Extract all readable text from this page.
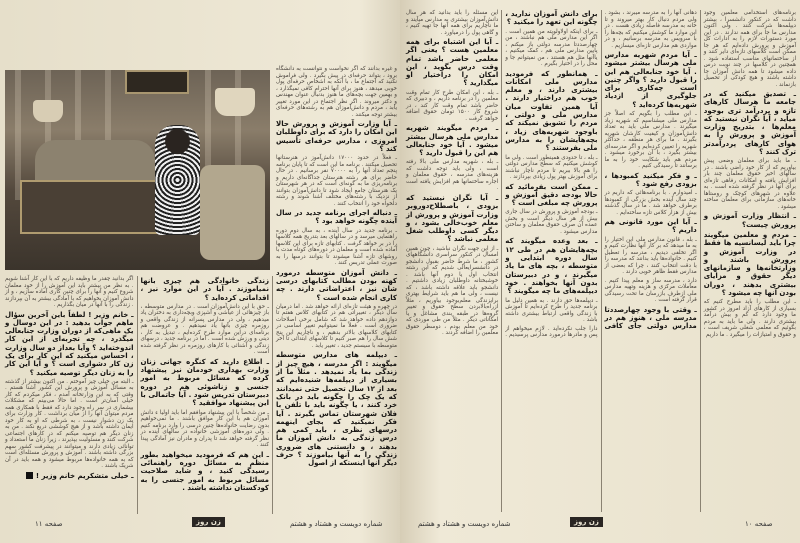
و غیره بدانند که اگر نخواست و نتوانست به دانشگاه برود ، بتواند حرفه‌ای در پیش بگیرد . ولی فراموش نکنید که اجتماع ما ، با آنکه به اشخاص حرفه‌ای پول خوبی میدهد ، هنوز برای آنها احترام کافی نمیگذارد ، و بهمین جهت بچه‌های ما هنوز بدنبال عنوان مهندس و دکتر میروند . اگر نظر اجتماع در این مورد تغییر یابد ، مردم و دانش‌آموزان هم به رشته‌های حرفه‌ای بیشتر توجه میکنند .

ـ آیا وزارت آموزش و پرورش حالا این امکان را دارد که برای داوطلبان امروزی ، مدارس حرفه‌ای تأسیس کند ؟

ـ فعلاً در حدود ۱۷۰۰۰ دانش‌آموز در هنرستانها تحصیل میکنند . برنامه ما این است که تا پایان برنامه پنجم تعداد آنها را به ۷۰۰۰۰ نفر برسانیم . در حال حاضر برای هر رشته هنرستان جداگانه‌ای داریم و برنامه‌ریزی ما به گونه‌ای است که در هر شهرستان یک هنرستان جامع ایجاد شود تا دانش‌آموزان بتوانند از نزدیک با رشته‌های مختلف آشنا شوند و رشته دلخواه خود را انتخاب کنند .

ـ دنباله اجرای برنامه جدید در سال آینده چگونه خواهد بود ؟

ـ برنامه جدید در سال آینده ، به سال دوم دوره راهنمایی میرسد و در سالهای بعد بتدریج همه کلاسها را در بر خواهد گرفت . کتابهای تازه برای این کلاسها آماده شده است و معلمان در دوره‌های کوتاه مدت با روشهای تازه آشنا میشوند تا بتوانند درسها را به صورت عملی تدریس کنند .

ـ دانش آموزان متوسطه درمورد کهنه بودن مطالب کتابهای درسی شان نیز ، اعتراضاتی دارند . چه کاری انجام شده است ؟

در چهره و هیئت تازه‌ای ارائه خواهد شد . اما درمیان سال دیگر ، تغییراتی هم در کتابهای کلاس هفتم تا دوازدهم داده خواهد شد که شامل برخی اصلاحات ضروری است . فعلاً ما نمیتوانیم تغییر اساسی در کتابهای کلاسهای بالاتر بدهیم ، و ناچاریم این پنج شش سال را هم صبر کنیم تا کلاسهای ابتدائی تا آخر متوسطه با سیستم جدید ، تغییر یابد .

ـ دیپلمه های مدارس متوسطه میگویند : اگر مدرسه ، هیچ چیز از زندگی بما یاد نمیدهد . مثلاً ما از بسیاری از دیپلمه‌ها شنیده‌ایم که بعد از ۱۲ سال تحصیل حتی نمیدانند که یک چک را چگونه باید در بانک خرد کنند ، یا چگونه باید با تلفن با فلان شهرستان تماس بگیرند . آیا فکر نمیکنید که بجای اینهمه درسهای نظری ، باید کمی هم درس زندگی به دانش آموزان ما بدهند ، و دانستنی های ضروری زندگی را به آنها بیاموزند ؟ حرف دیگر آنها اینستکه از اصول
زندگی خانوادگی هم چیزی بانها نمیاموزند . آیا در این موارد نیز ، اقداماتی کرده‌اید ؟

ـ حق با این دانش‌آموزان است . در مدارس متوسطه ، باز چیزهائی از عیاشی و آشپزی وبچه‌داری به دختران یاد میدهیم ، ولی در مدارس پسرانه از زندگی واقعی و روزمره چیزی بانها یاد نمیدهیم . و عروضت هم برنامه‌ای دراین موارد طرح کرده‌ایم ، تبدیل به کار ، دینی و ورزش شده است . اما در برنامه جدید ، درسهای زندگی و آشنائی با کارهای روزمره در نظر گرفته شده است .

ـ اطلاع دارید که کنگره جهانی زنان وزارت بهداری خودمان نیز پیشنهاد کرده که مسائل مربوط به امور جنسی و زناشوئی هم در دوره دبیرستان تدریس شود . آیا جاتمالی با این پیشنهاد موافقید ؟

ـ من شخصاً با این پیشنهاد موافقم اما باید اولیا ء دانش آموزان هم با این کار موافق باشند . ما نمی‌خواهیم بدون رضایت خانواده‌ها چنین درسی را وارد برنامه کنیم . ولی دوره‌های آموزشی خانواده در سالهای آینده در نظر گرفته خواهد شد تا پدران و مادران نیز آمادگی پیدا کنند .

ـ این هم که فرمودید میخواهید بطور منظم به مسائل دوره راهنمائی رسیدگی کنید ، و شاید صلاحیت مسائل مربوط به امور جنسی را به کودکستان نداشته باشند .

اگر بدانید چقدر ما وظیفه داریم که با این کار آشنا شویم . به نظر من بیشتر باید این آموزش را از خود معلمان شروع کنیم و آنها را برای چنین کاری آماده سازیم ، و از دانش آموزان بخواهیم که با آمادگی بیشتر به آن بپردازند . زندگی را با آنها در میان بگذاریم .

ـ خانم وزیر ! لطفاً باین آخرین سؤال ماهم جواب بدهید : در این دوسال و یک ماهی‌که از دوران وزارت جنابعالی میگذرد ، چه تجربه‌ای از این کار اندوخته‌اید ؟ وآیا بعداز دو سال وزارت ، احساس میکنید که این کار برای یک زن کار دشواری است ؟ و آیا این کار را به زنان دیگر توصیه میکنید ؟

ـ البته من خیلی چیز آموختم . من اکنون بیشتر از گذشته به مسائل آموزش و پرورش این کشور آشنا هستم . وقتی که به این وزارتخانه آمدم ، فکر میکردم که کار خیلی آسان‌تر است . اما حالا می‌بینم که مشکلات بیشماری در سر راه وجود دارد که فقط با همکاری همه مردم میتوان آنها را از میان برداشت . کار وزارت برای یک زن دشوار نیست ، به شرطی که او به کار خود ایمان داشته باشد و از هیچ کوششی دریغ نکند . من به زنان دیگر هم توصیه میکنم که در کارهای اجتماعی شرکت کنند و مسئولیت بپذیرند ، زیرا زنان ما استعداد و توانائی زیادی دارند و میتوانند در پیشرفت کشور سهم بزرگی داشته باشند . آموزش و پرورش مسئله‌ای است که به همه خانواده‌ها مربوط میشود و همه باید در آن شریک باشند .

ـ خیلی متشکریم خانم وزیر !
صفحه ۱۱	زن روز	شماره دویست و هشتاد و هشتم

برنامه‌های استخدامی معلمین وجود داشت که در کنکور دانشسرا ، بیشتر دیپلمه‌ها شرکت کنند . ولی اکنون مدارس ما جا برای همه ندارند . در این مورد دستورات لازم را به ادارات کل آموزش و پرورش داده‌ایم که هر جا ممکن است کلاسهای تازه‌ای دایر کنند و از ساختمانهای مناسب استفاده شود . همچنین در کلاسها در چند نوبت درس داده میشود تا همه دانش آموزان جا داشته باشند و هیچ کودکی از تحصیل بازنماند .

ـ تصدیق میکنید که در جامعه ما هرسال کارهای تازه و پردرآمد تری بوجود میآید ، آیا نگران نیستید که معلم‌ها ، بتدریج وزارت آموزش و پرورش را به هوای کارهای پردرآمدتر ترک کنند ؟

ـ ما باید برای معلمان وضعی پیش بیاوریم که از کار خود راضی باشند . در سالهای اخیر حقوق معلمان چند بار افزایش یافته و امکانات رفاهی تازه‌ای برای آنها در نظر گرفته شده است . به علاوه در شهرهای کوچک و روستاها خانه‌های سازمانی برای معلمان ساخته میشود .

ـ انتظار وزارت آموزش و پرورش چیست؟
ـ مردم و معلمین میگویند چرا باید لیسانسیه ها فقط در وزارت آموزش و پرورش باشند و وزارتخانه‌ها و سازمانهای دیگر حقوق و مزایای بیشتری بدهند ، دوران بودن آنها چه میشود ؟

ـ این مطلب را باید مطرح کنیم که بسیاری از کارهای آزاد امروز در کشور ما وجود دارد که کم و بیش درآمد بیشتری دارند . ولی ما باید به مردم بگوئیم که معلمی شغلی شریف است ، و حقوق و امتیازات را میگیرد . ما داریم

دهانی آنها را به مدرسه میبرند ، بشود . ولی مردم دنبال کار بهتر میروند و تا خانه به مدرسه فاصله زیادی هست . در این موارد ما کوشش میکنیم که بچه‌ها را با سرویس به مدرسه برسانیم ، و در مواردی هم مدارس تازه‌ای میسازیم .

ـ آیا مردم شهریه مدارس ملی هرسال بیشتر میشود . آیا خود جنابعالی هم این را قبول دارید ؟ واگر چنین است چه‌کاری برای جلوگیری از ازدیاد شهریه‌ها کرده‌اید ؟

ـ این مطلب را بگویم که اصلاً جز مدارس ملی میشناسیم که شهریه زیاد میگیرند . مدارس ملی باید به تعداد دانش‌آموزان و کیفیت کارشان شهریه بگیرند . ما برای هر منطقه ، حداکثر شهریه را تعیین کرده‌ایم و اگر مدرسه‌ای بیشتر بگیرد ، با آن برخورد میشود . مردم هم باید شکایت خود را به ما برسانند تا رسیدگی کنیم .

ـ و فکر میکنید کمبودها ، بزودی رفع شود ؟

ـ امیدوارم . با برنامه‌هائی که داریم در چند سال آینده بخش بزرگی از کمبودها برطرف خواهد شد . ما در سال گذشته بیش از هزار کلاس تازه ساخته‌ایم .

ـ آیا این مورد قانونی هم داریم ؟

ـ بله ، قانون مدارس ملی این اختیار را به ما میدهد که بر کار آنها نظارت کنیم و اگر تخلفی دیدیم ، مدرسه را تعطیل کنیم . خانواده‌ها باید بدانند که مدرسه را با دقت انتخاب کنند ، چرا که بعضی از مدارس فقط ظاهر خوبی دارند .

دارد ، مدرسه ساز و معلم پیدا کنیم . معاملات مرکزی و هزینه وتهیه مدارس ملی ازطرف بازرسان ما تحت رسیدگی قرار گرفته است .

ـ وقتی با وجود چهارصددتا مدرسه ملی ، هنوز هم در مدارس دولتی جای کافی برای دانش آموزان ندارید ، چگونه این تعهد را میکنید ؟

ـ برای اینکه اولاولویته من همین است . اگر این مدارس ملی هم نباشند ، من چهارصددتا مدرسه دولتی باز میکنم ، پایین مدارس ملی هم ، کمک میکنیم ، یاآنها مثل هم هستند ، من نمیتوانم جا و محل را در اختیار بگیرم .

ـ همانطور که فرمودید مدارس ملی امکانات بیشتری دارند ، و معلم خوب هم دراختیار دارند . آیا همین تفاوت میان مدارس ملی و دولتی ، مردم را تشویق نمیکند که باوجود شهریه‌های زیاد ، بچه‌هایشان را به مدارس ملی بفرستند ؟

ـ بله ، تا حدودی همینطور است . ولی ما کوشش میکنیم که سطح مدارس دولتی را هم بالا ببریم تا مردم ناچار نباشند برای آموزش بهتر پول زیادی بپردازند .

ـ ممکن است بفرمائید که حالا بودجه دقیق آموزش و پرورش چه مبلغی است ؟

ـ بودجه آموزش و پرورش در سال جاری بیش از هر سال دیگر است و بخش عمده آن صرف حقوق معلمان و ساختن مدارس میشود .

ـ بعد وعده میگویند که بچه‌هایشان هم در طی ۱۲ سال دوره ابتدایی و متوسطه ، بچه های ما یاد میگیرند ، و در دبیرستان بدون آنها بخواهند . خود دیپلمه‌های ما چه میگویند ؟

ـ دیپلمه‌ها حق دارند . به همین دلیل ما برنامه جدید را طرح کرده‌ایم تا آموزش با زندگی واقعی ارتباط بیشتری داشته باشد .

دارا جلب نکرده‌اید . لازم میخواهم از پس و مادرها درمورد مدارس پرسیدیم . این مسئله را باید بدانید که هر سال دانش‌آموزان بیشتری به مدارس میآیند و ما ناچاریم برای همه آنها جا تهیه کنیم ، و گاهی پول را درمیاورد .

ـ آیا این اشتباه برای همه معلمین هست ؟ یعنی اگر معلمی حاضر باشد تمام وقت درس بگوید ، این امکان را دراختیار او میگذارید ؟

ـ بله ، این امکان طرح کار تمام وقت معلمین را در برنامه داریم ، و دبیری که حاضر باشد تمام وقت کار کند ، در شروع کار ۱۵۰۰ تومان حقوق اضافه خواهد گرفت .

ـ مردم میگویند شهریه مدارس ملی هرسال بیشتر میشود . آیا خود جنابعالی هم این را قبول دارید ؟

ـ بله ، شهریه مدارس ملی بالا رفته است ، ولی باید توجه داشت که هزینه‌های مدرسه ، حقوق معلمان و اجاره ساختمانها هم افزایش یافته است .

ـ آیا نگران نیستید که بزودی ، باصطلاح‌دوروبر وزارت آموزش و پرورش از معلم خوب‌خالی بشود ، و دیگر کسی داوطلب شغل معلمی نباشد ؟

ـ از این جهت نگران نباشید ، چون همین امسال در کنکور سراسری دانشگاههای کشور ، ما شرط حاضر بقبول دانشجو در دانشسرایعالی شدیم که این رشته انتخاب اول یا دوم آنها باشد . خوشبختانه داوطلبان زیادی داشتیم . دانشجو باید علاقه داشته باشد ، که نیست ، ولی ما هم باید شرایط بهتری برایزندگی معلم‌بوجود بیاوریم ، مثلاً ازراه‌بالابردن سطح حقوق و تغییر گروه‌ها در طبقه بندی مشاغل و یا امکاناتی دیگر . مثلاً من طی موردی که خود من معلم بودم ، دوسطر حقوق معلمین را اضافه کردند .

شماره دویست و هشتاد و هشتم	زن روز	صفحه ۱۰
